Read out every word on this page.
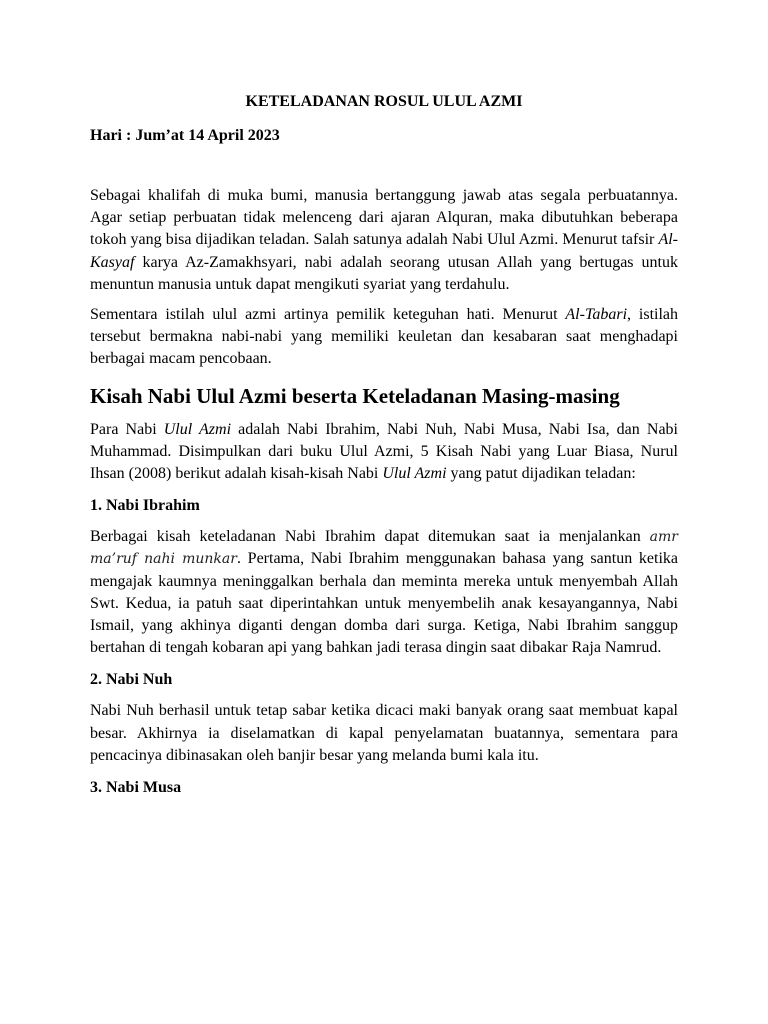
KETELADANAN ROSUL ULUL AZMI
Hari : Jum’at 14 April 2023

Sebagai khalifah di muka bumi, manusia bertanggung jawab atas segala perbuatannya. Agar setiap perbuatan tidak melenceng dari ajaran Alquran, maka dibutuhkan beberapa tokoh yang bisa dijadikan teladan. Salah satunya adalah Nabi Ulul Azmi. Menurut tafsir Al-Kasyaf karya Az-Zamakhsyari, nabi adalah seorang utusan Allah yang bertugas untuk menuntun manusia untuk dapat mengikuti syariat yang terdahulu.

Sementara istilah ulul azmi artinya pemilik keteguhan hati. Menurut Al-Tabari, istilah tersebut bermakna nabi-nabi yang memiliki keuletan dan kesabaran saat menghadapi berbagai macam pencobaan.

Kisah Nabi Ulul Azmi beserta Keteladanan Masing-masing

Para Nabi Ulul Azmi adalah Nabi Ibrahim, Nabi Nuh, Nabi Musa, Nabi Isa, dan Nabi Muhammad. Disimpulkan dari buku Ulul Azmi, 5 Kisah Nabi yang Luar Biasa, Nurul Ihsan (2008) berikut adalah kisah-kisah Nabi Ulul Azmi yang patut dijadikan teladan:

1. Nabi Ibrahim

Berbagai kisah keteladanan Nabi Ibrahim dapat ditemukan saat ia menjalankan amr ma’ruf nahi munkar. Pertama, Nabi Ibrahim menggunakan bahasa yang santun ketika mengajak kaumnya meninggalkan berhala dan meminta mereka untuk menyembah Allah Swt. Kedua, ia patuh saat diperintahkan untuk menyembelih anak kesayangannya, Nabi Ismail, yang akhinya diganti dengan domba dari surga. Ketiga, Nabi Ibrahim sanggup bertahan di tengah kobaran api yang bahkan jadi terasa dingin saat dibakar Raja Namrud.

2. Nabi Nuh

Nabi Nuh berhasil untuk tetap sabar ketika dicaci maki banyak orang saat membuat kapal besar. Akhirnya ia diselamatkan di kapal penyelamatan buatannya, sementara para pencacinya dibinasakan oleh banjir besar yang melanda bumi kala itu.

3. Nabi Musa
